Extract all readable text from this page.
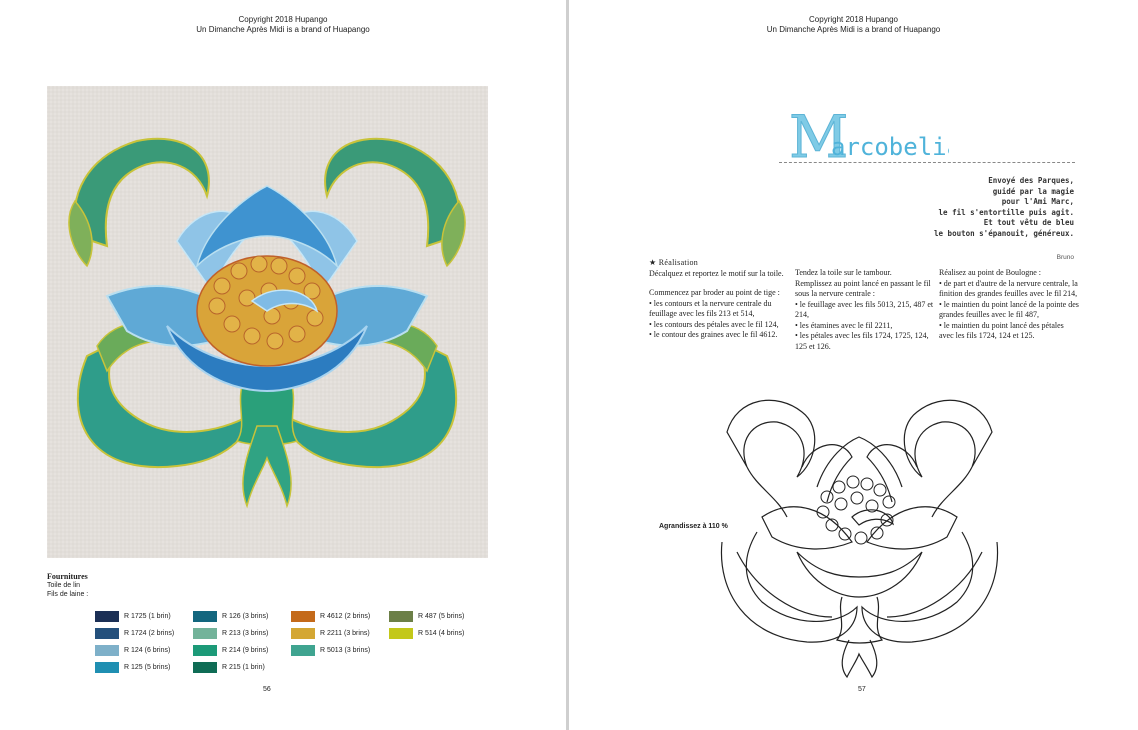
Copyright 2018 Hupango
Un Dimanche Après Midi is a brand of Huapango
Fournitures
Toile de lin
Fils de laine :
R 1725 (1 brin)
R 1724 (2 brins)
R 124 (6 brins)
R 125 (5 brins)
R 126 (3 brins)
R 213 (3 brins)
R 214 (9 brins)
R 215 (1 brin)
R 4612 (2 brins)
R 2211 (3 brins)
R 5013 (3 brins)
R 487 (5 brins)
R 514 (4 brins)
56
Copyright 2018 Hupango
Un Dimanche Après Midi is a brand of Huapango
M
arcobelia
Envoyé des Parques,
guidé par la magie
pour l'Ami Marc,
le fil s'entortille puis agit.
Et tout vêtu de bleu
le bouton s'épanouit, généreux.
Bruno
★ Réalisation

Décalquez et reportez le motif sur la toile.

Commencez par broder au point de tige :
• les contours et la nervure centrale du feuillage avec les fils 213 et 514,
• les contours des pétales avec le fil 124,
• le contour des graines avec le fil 4612.
Tendez la toile sur le tambour.
Remplissez au point lancé en passant le fil sous la nervure centrale :
• le feuillage avec les fils 5013, 215, 487 et 214,
• les étamines avec le fil 2211,
• les pétales avec les fils 1724, 1725, 124, 125 et 126.
Réalisez au point de Boulogne :
• de part et d'autre de la nervure centrale, la finition des grandes feuilles avec le fil 214,
• le maintien du point lancé de la pointe des grandes feuilles avec le fil 487,
• le maintien du point lancé des pétales avec les fils 1724, 124 et 125.
Agrandissez à 110 %
57
